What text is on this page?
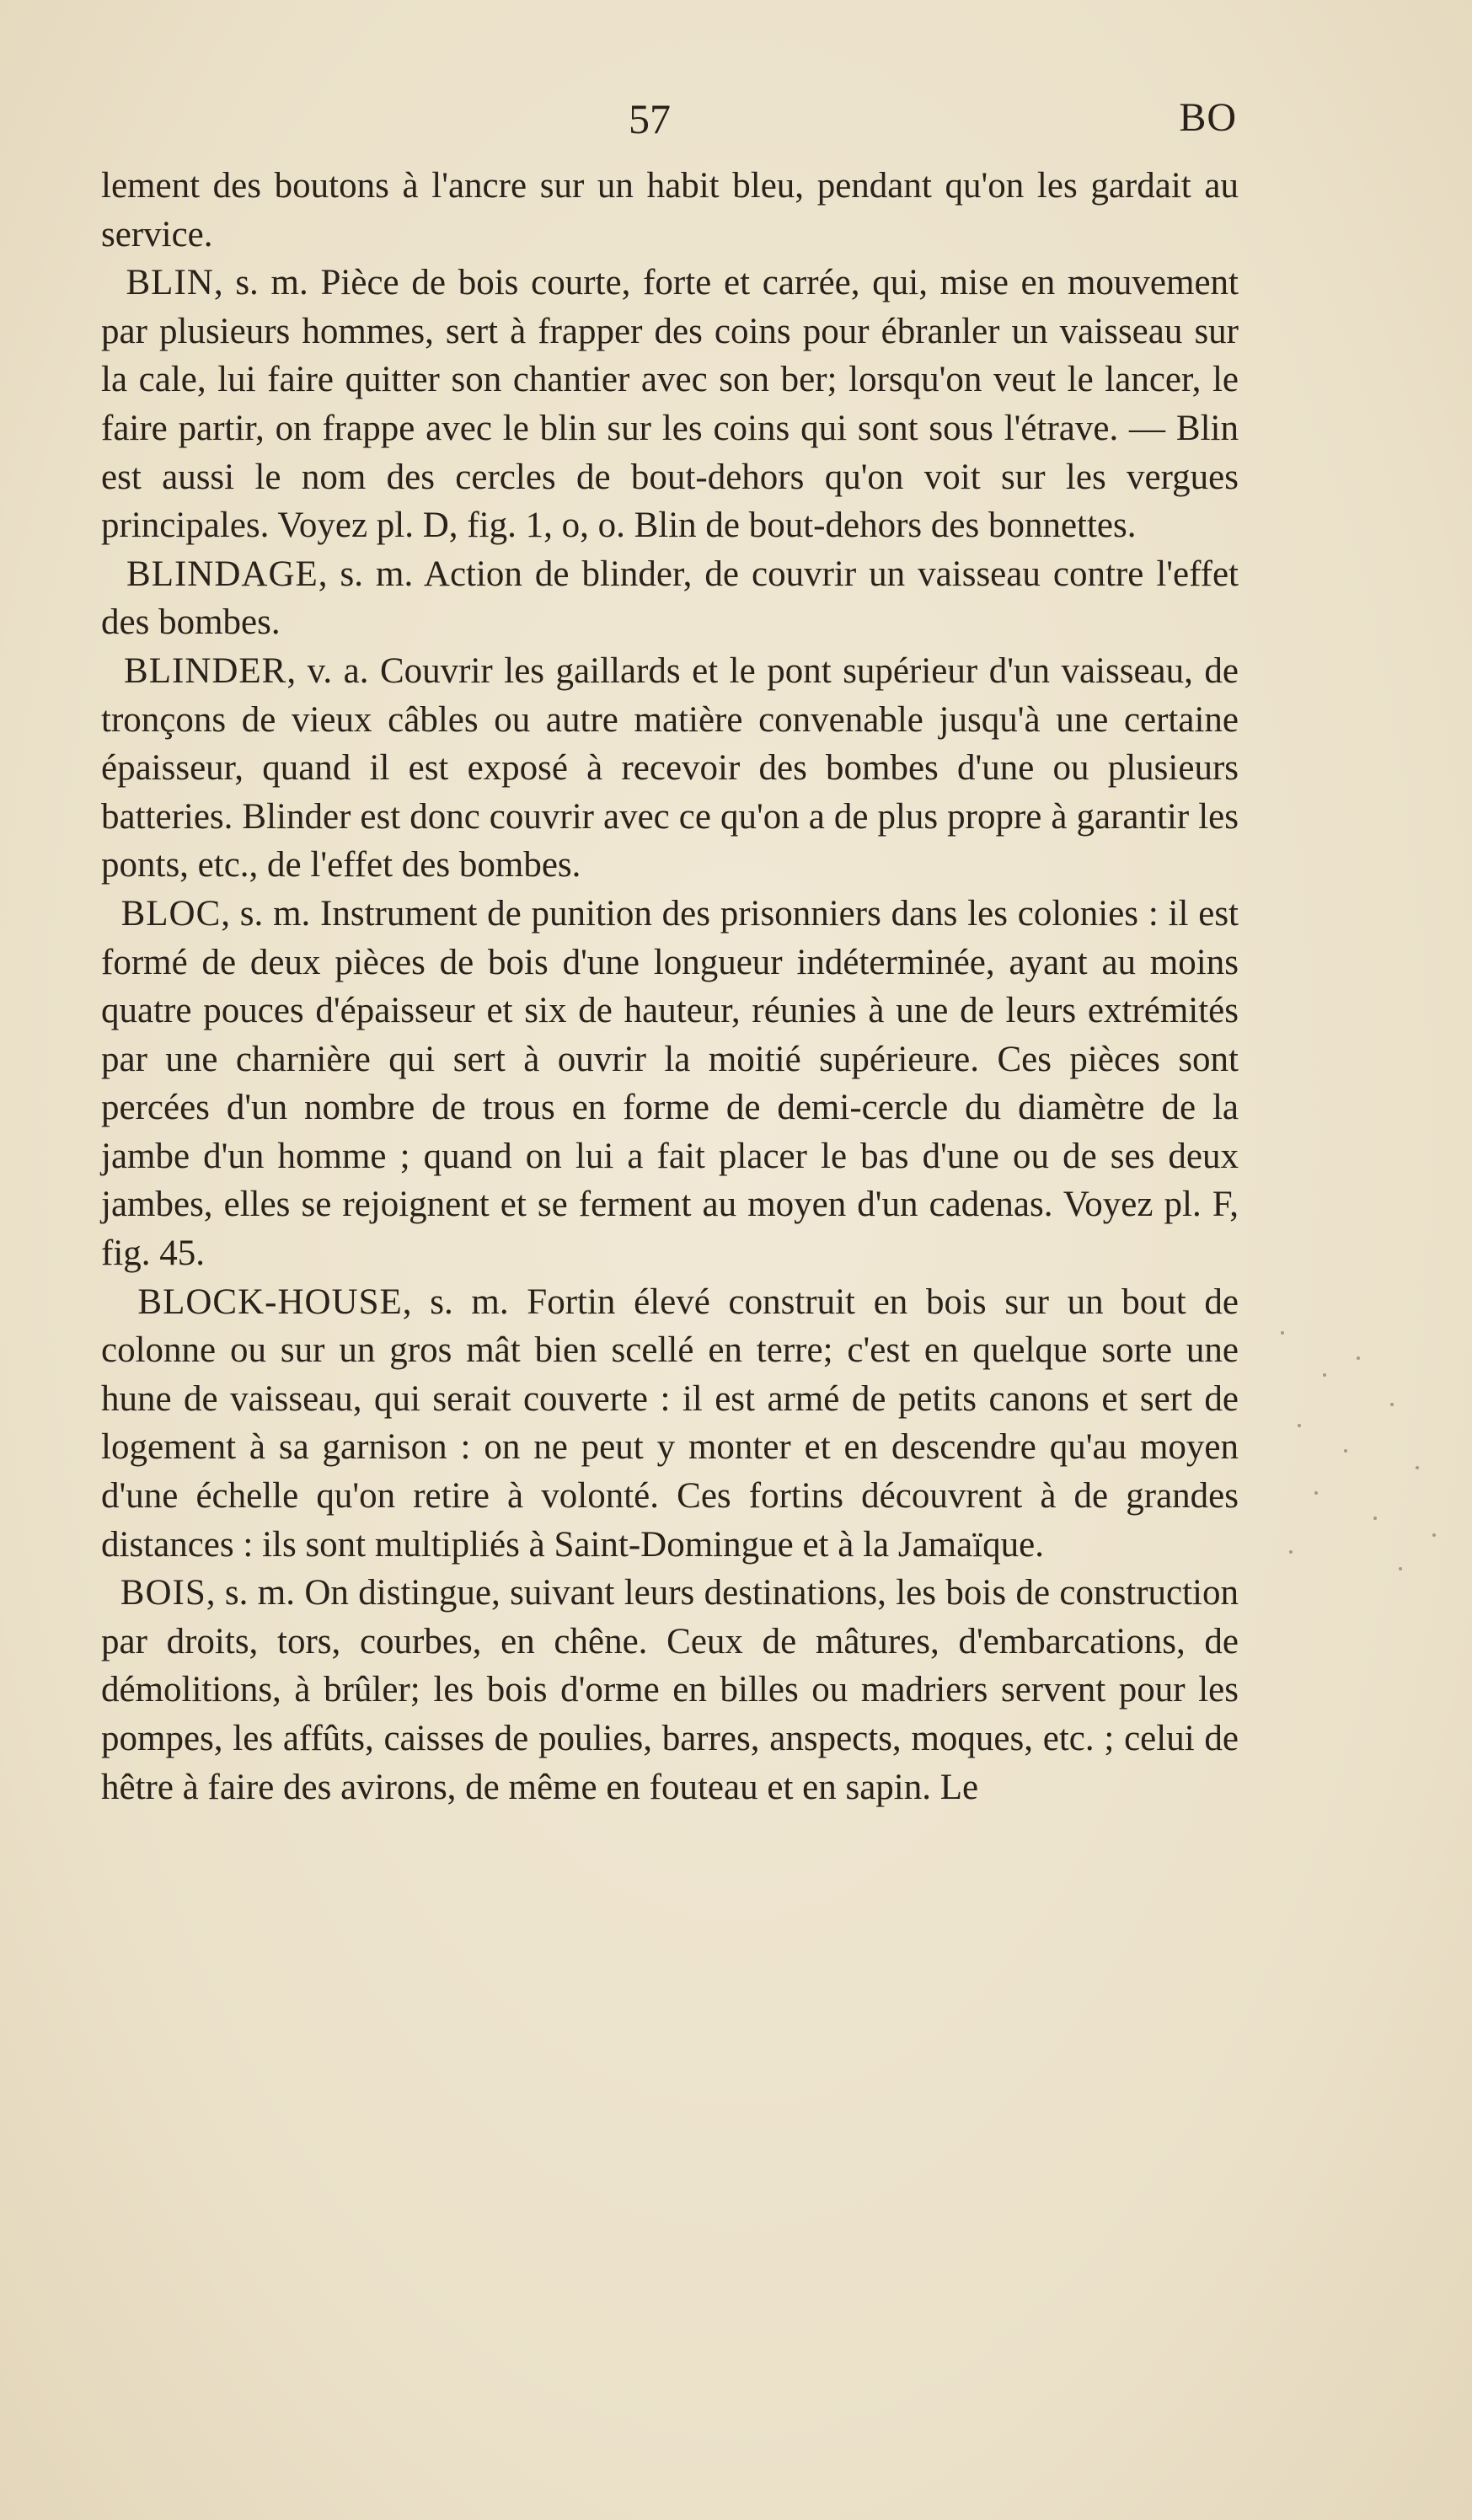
57	BO

lement des boutons à l'ancre sur un habit bleu, pendant qu'on les gardait au service.

BLIN, s. m. Pièce de bois courte, forte et carrée, qui, mise en mouvement par plusieurs hommes, sert à frapper des coins pour ébranler un vaisseau sur la cale, lui faire quitter son chantier avec son ber; lorsqu'on veut le lancer, le faire partir, on frappe avec le blin sur les coins qui sont sous l'étrave. — Blin est aussi le nom des cercles de bout-dehors qu'on voit sur les vergues principales. Voyez pl. D, fig. 1, o, o. Blin de bout-dehors des bonnettes.

BLINDAGE, s. m. Action de blinder, de couvrir un vaisseau contre l'effet des bombes.

BLINDER, v. a. Couvrir les gaillards et le pont supérieur d'un vaisseau, de tronçons de vieux câbles ou autre matière convenable jusqu'à une certaine épaisseur, quand il est exposé à recevoir des bombes d'une ou plusieurs batteries. Blinder est donc couvrir avec ce qu'on a de plus propre à garantir les ponts, etc., de l'effet des bombes.

BLOC, s. m. Instrument de punition des prisonniers dans les colonies : il est formé de deux pièces de bois d'une longueur indéterminée, ayant au moins quatre pouces d'épaisseur et six de hauteur, réunies à une de leurs extrémités par une charnière qui sert à ouvrir la moitié supérieure. Ces pièces sont percées d'un nombre de trous en forme de demi-cercle du diamètre de la jambe d'un homme ; quand on lui a fait placer le bas d'une ou de ses deux jambes, elles se rejoignent et se ferment au moyen d'un cadenas. Voyez pl. F, fig. 45.

BLOCK-HOUSE, s. m. Fortin élevé construit en bois sur un bout de colonne ou sur un gros mât bien scellé en terre; c'est en quelque sorte une hune de vaisseau, qui serait couverte : il est armé de petits canons et sert de logement à sa garnison : on ne peut y monter et en descendre qu'au moyen d'une échelle qu'on retire à volonté. Ces fortins découvrent à de grandes distances : ils sont multipliés à Saint-Domingue et à la Jamaïque.

BOIS, s. m. On distingue, suivant leurs destinations, les bois de construction par droits, tors, courbes, en chêne. Ceux de mâtures, d'embarcations, de démolitions, à brûler; les bois d'orme en billes ou madriers servent pour les pompes, les affûts, caisses de poulies, barres, anspects, moques, etc. ; celui de hêtre à faire des avirons, de même en fouteau et en sapin. Le
